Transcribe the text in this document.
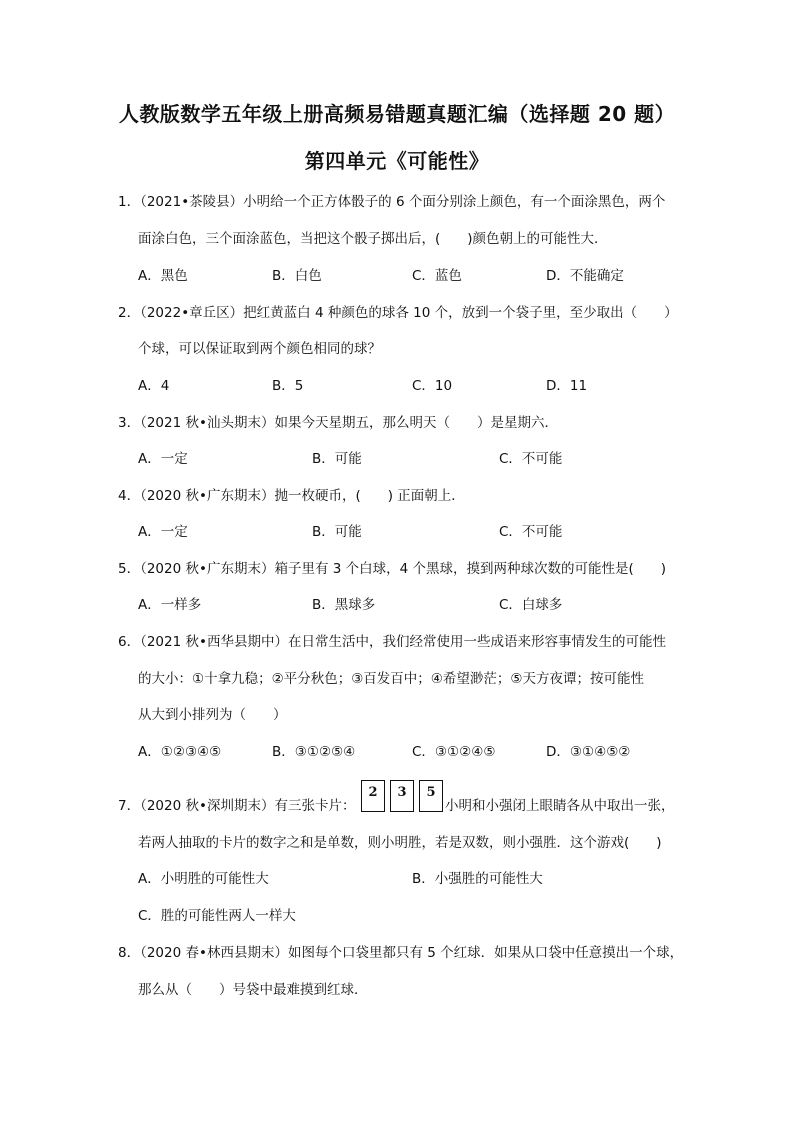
人教版数学五年级上册高频易错题真题汇编（选择题 20 题）
第四单元《可能性》
1．（2021•茶陵县）小明给一个正方体骰子的 6 个面分别涂上颜色，有一个面涂黑色，两个
面涂白色，三个面涂蓝色，当把这个骰子掷出后，(　　)颜色朝上的可能性大．
A．黑色	B．白色	C．蓝色	D．不能确定
2．（2022•章丘区）把红黄蓝白 4 种颜色的球各 10 个，放到一个袋子里，至少取出（　　）
个球，可以保证取到两个颜色相同的球？
A．4	B．5	C．10	D．11
3．（2021 秋•汕头期末）如果今天星期五，那么明天（　　）是星期六．
A．一定	B．可能	C．不可能
4．（2020 秋•广东期末）抛一枚硬币，(　　) 正面朝上．
A．一定	B．可能	C．不可能
5．（2020 秋•广东期末）箱子里有 3 个白球，4 个黑球，摸到两种球次数的可能性是(　　)
A．一样多	B．黑球多	C．白球多
6．（2021 秋•西华县期中）在日常生活中，我们经常使用一些成语来形容事情发生的可能性
的大小：①十拿九稳；②平分秋色；③百发百中；④希望渺茫；⑤天方夜谭；按可能性
从大到小排列为（　　）
A．①②③④⑤	B．③①②⑤④	C．③①②④⑤	D．③①④⑤②
7．（2020 秋•深圳期末）有三张卡片：
2	3	5
小明和小强闭上眼睛各从中取出一张，
若两人抽取的卡片的数字之和是单数，则小明胜，若是双数，则小强胜．这个游戏(　　)
A．小明胜的可能性大	B．小强胜的可能性大
C．胜的可能性两人一样大
8．（2020 春•林西县期末）如图每个口袋里都只有 5 个红球．如果从口袋中任意摸出一个球，
那么从（　　）号袋中最难摸到红球．
